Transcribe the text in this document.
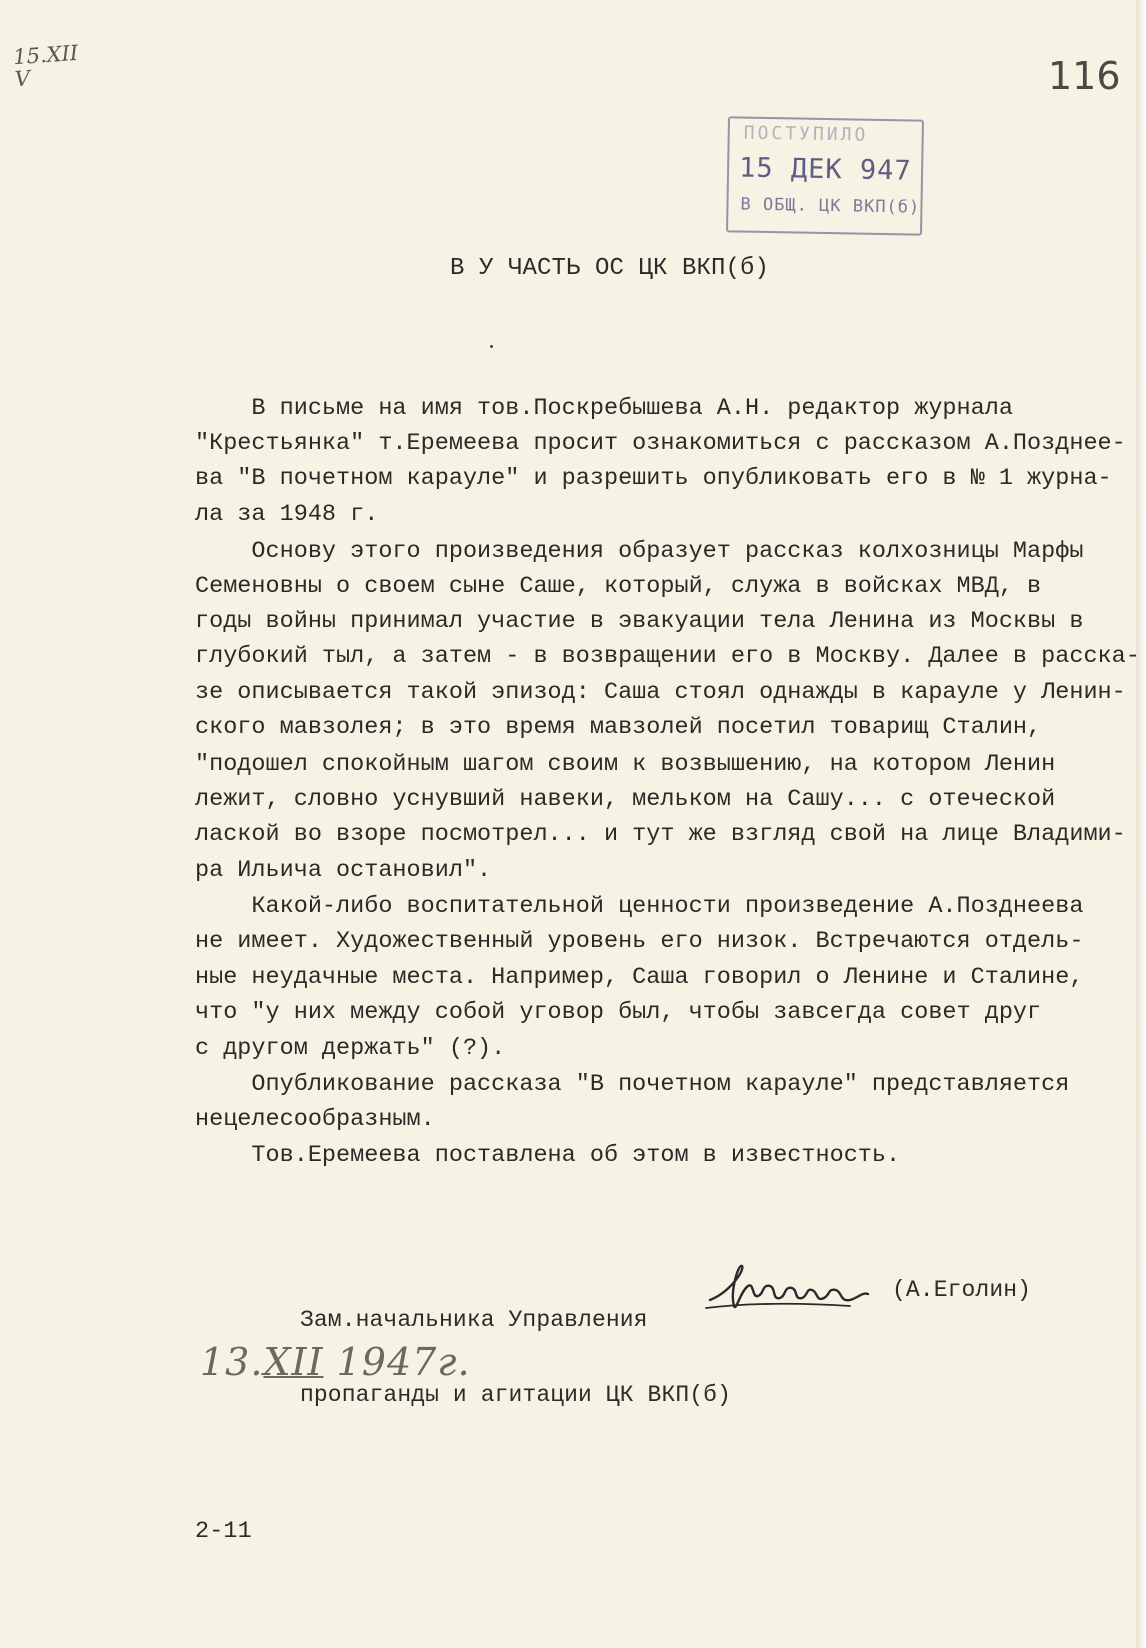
15.XII
V	116
ПОСТУПИЛО
15 ДЕК 947
В ОБЩ. ЦК ВКП(б)
В У ЧАСТЬ ОС ЦК ВКП(б)
В письме на имя тов.Поскребышева А.Н. редактор журнала
"Крестьянка" т.Еремеева просит ознакомиться с рассказом А.Позднее-
ва "В почетном карауле" и разрешить опубликовать его в № 1 журна-
ла за 1948 г.
Основу этого произведения образует рассказ колхозницы Марфы
Семеновны о своем сыне Саше, который, служа в войсках МВД, в
годы войны принимал участие в эвакуации тела Ленина из Москвы в
глубокий тыл, а затем - в возвращении его в Москву. Далее в расска-
зе описывается такой эпизод: Саша стоял однажды в карауле у Ленин-
ского мавзолея; в это время мавзолей посетил товарищ Сталин,
"подошел спокойным шагом своим к возвышению, на котором Ленин
лежит, словно уснувший навеки, мельком на Сашу... с отеческой
лаской во взоре посмотрел... и тут же взгляд свой на лице Владими-
ра Ильича остановил".
Какой-либо воспитательной ценности произведение А.Позднеева
не имеет. Художественный уровень его низок. Встречаются отдель-
ные неудачные места. Например, Саша говорил о Ленине и Сталине,
что "у них между собой уговор был, чтобы завсегда совет друг
с другом держать" (?).
Опубликование рассказа "В почетном карауле" представляется
нецелесообразным.
Тов.Еремеева поставлена об этом в известность.

Зам.начальника Управления

пропаганды и агитации ЦК ВКП(б)

(А.Еголин)
13.XII 1947г.
2-11
